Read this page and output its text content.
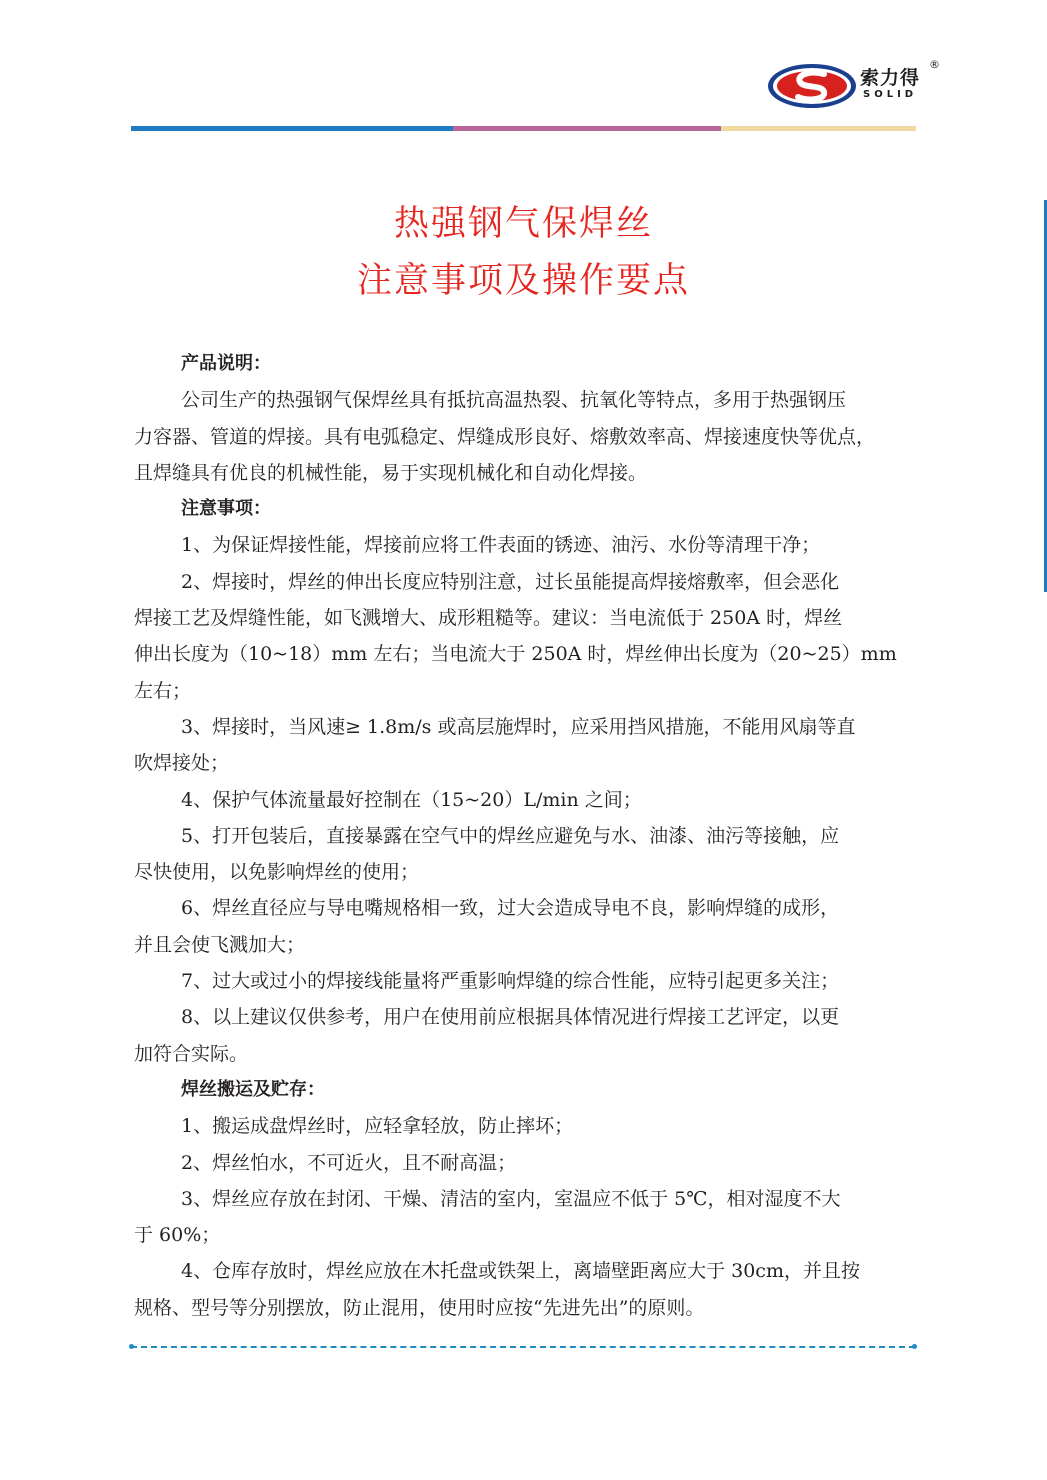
索力得
SOLID
®
热强钢气保焊丝
注意事项及操作要点
产品说明：
公司生产的热强钢气保焊丝具有抵抗高温热裂、抗氧化等特点，多用于热强钢压
力容器、管道的焊接。具有电弧稳定、焊缝成形良好、熔敷效率高、焊接速度快等优点，
且焊缝具有优良的机械性能，易于实现机械化和自动化焊接。
注意事项：
1、为保证焊接性能，焊接前应将工件表面的锈迹、油污、水份等清理干净；
2、焊接时，焊丝的伸出长度应特别注意，过长虽能提高焊接熔敷率，但会恶化
焊接工艺及焊缝性能，如飞溅增大、成形粗糙等。建议：当电流低于 250A 时，焊丝
伸出长度为（10~18）mm 左右；当电流大于 250A 时，焊丝伸出长度为（20~25）mm
左右；
3、焊接时，当风速≥ 1.8m/s 或高层施焊时，应采用挡风措施，不能用风扇等直
吹焊接处；
4、保护气体流量最好控制在（15~20）L/min 之间；
5、打开包装后，直接暴露在空气中的焊丝应避免与水、油漆、油污等接触，应
尽快使用，以免影响焊丝的使用；
6、焊丝直径应与导电嘴规格相一致，过大会造成导电不良，影响焊缝的成形，
并且会使飞溅加大；
7、过大或过小的焊接线能量将严重影响焊缝的综合性能，应特引起更多关注；
8、以上建议仅供参考，用户在使用前应根据具体情况进行焊接工艺评定，以更
加符合实际。
焊丝搬运及贮存：
1、搬运成盘焊丝时，应轻拿轻放，防止摔坏；
2、焊丝怕水，不可近火，且不耐高温；
3、焊丝应存放在封闭、干燥、清洁的室内，室温应不低于 5℃，相对湿度不大
于 60%；
4、仓库存放时，焊丝应放在木托盘或铁架上，离墙壁距离应大于 30cm，并且按
规格、型号等分别摆放，防止混用，使用时应按“先进先出”的原则。
